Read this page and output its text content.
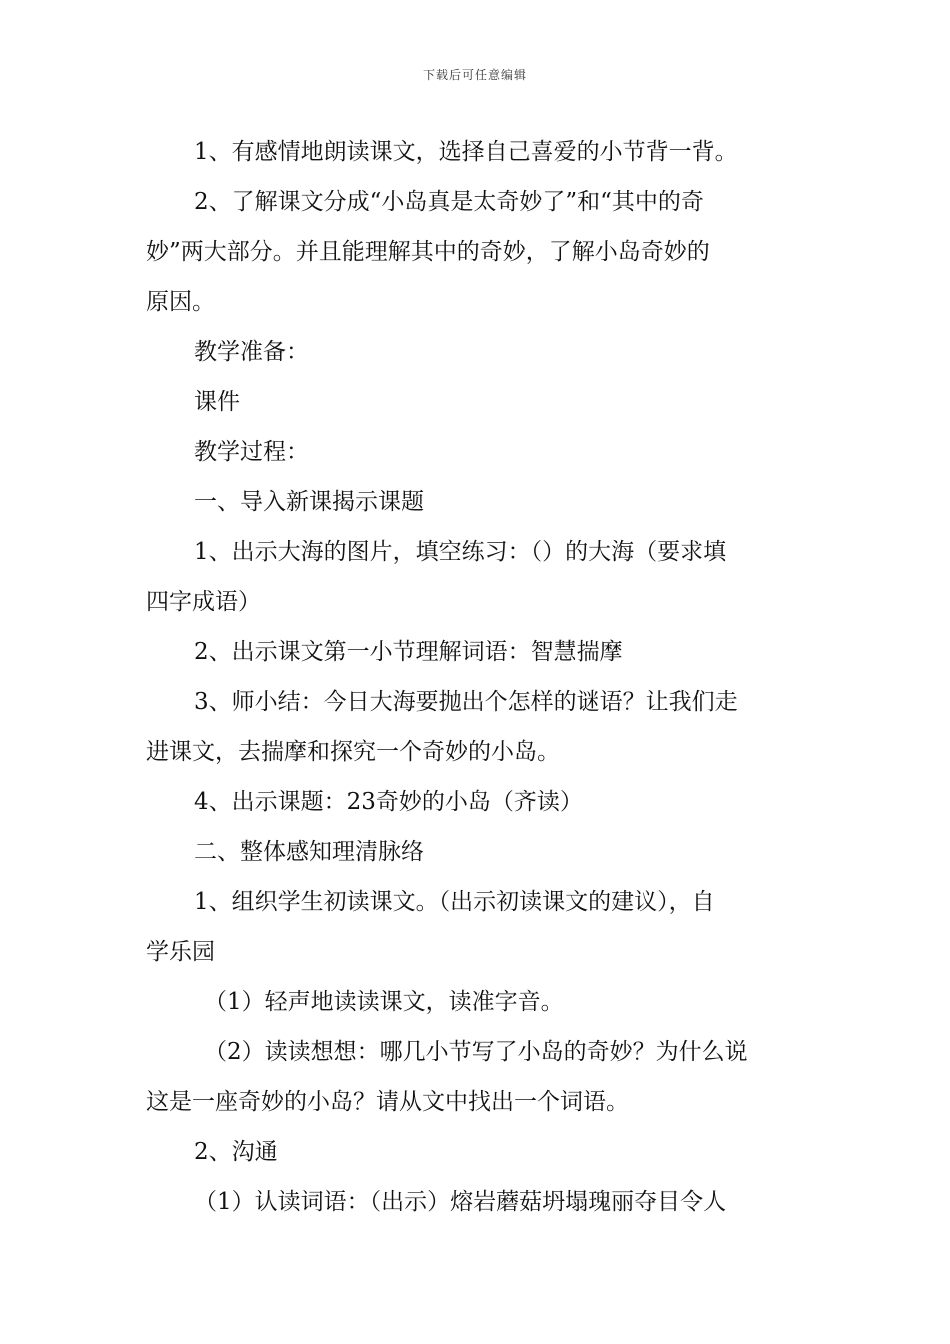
下载后可任意编辑

1、有感情地朗读课文，选择自己喜爱的小节背一背。

2、了解课文分成“小岛真是太奇妙了”和“其中的奇

妙”两大部分。并且能理解其中的奇妙，了解小岛奇妙的

原因。

教学准备：

课件

教学过程：

一、导入新课揭示课题

1、出示大海的图片，填空练习：（）的大海（要求填

四字成语）

2、出示课文第一小节理解词语：智慧揣摩

3、师小结：今日大海要抛出个怎样的谜语？让我们走

进课文，去揣摩和探究一个奇妙的小岛。

4、出示课题：23奇妙的小岛（齐读）

二、整体感知理清脉络

1、组织学生初读课文。（出示初读课文的建议），自

学乐园

（1）轻声地读读课文，读准字音。

（2）读读想想：哪几小节写了小岛的奇妙？为什么说

这是一座奇妙的小岛？请从文中找出一个词语。

2、沟通

（1）认读词语：（出示）熔岩蘑菇坍塌瑰丽夺目令人
